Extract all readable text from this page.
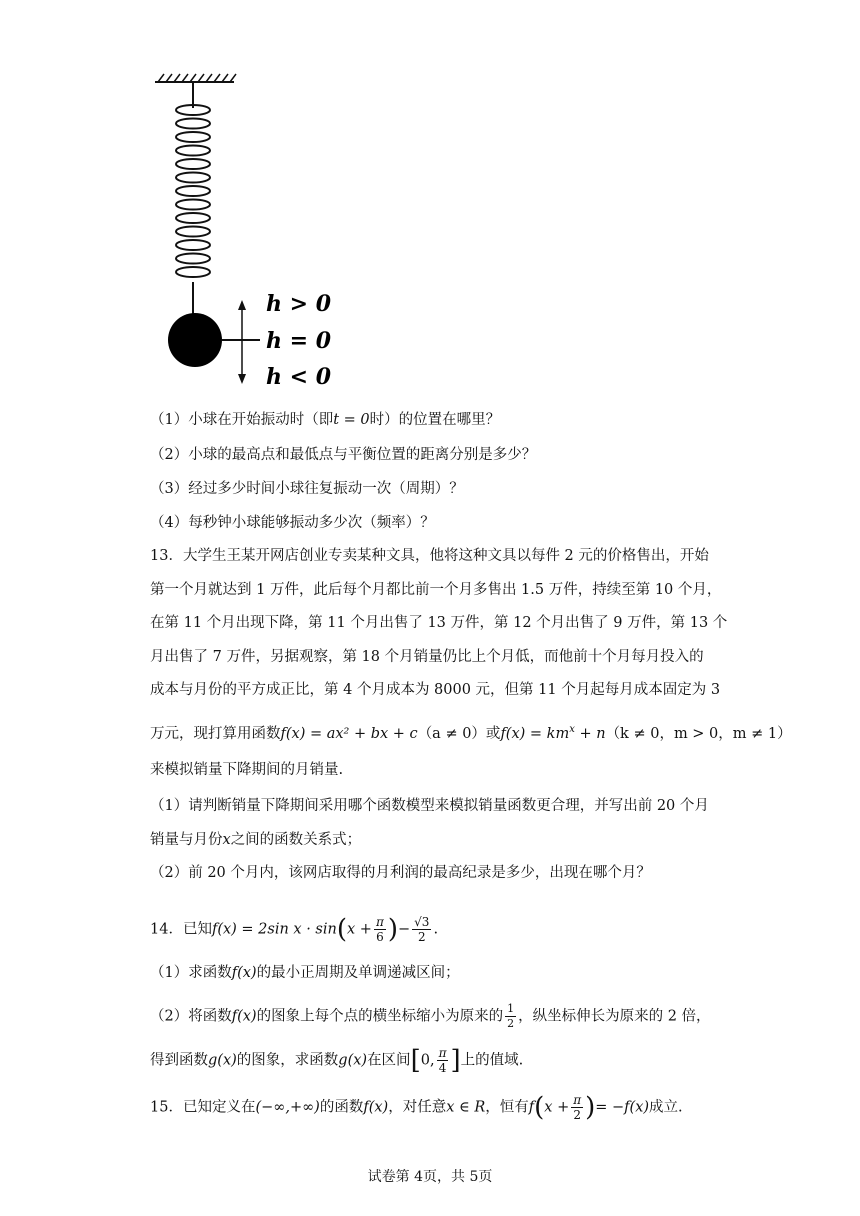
h > 0
h = 0
h < 0
（1）小球在开始振动时（即t = 0时）的位置在哪里？
（2）小球的最高点和最低点与平衡位置的距离分别是多少？
（3）经过多少时间小球往复振动一次（周期）？
（4）每秒钟小球能够振动多少次（频率）？
13．大学生王某开网店创业专卖某种文具，他将这种文具以每件 2 元的价格售出，开始
第一个月就达到 1 万件，此后每个月都比前一个月多售出 1.5 万件，持续至第 10 个月，
在第 11 个月出现下降，第 11 个月出售了 13 万件，第 12 个月出售了 9 万件，第 13 个
月出售了 7 万件，另据观察，第 18 个月销量仍比上个月低，而他前十个月每月投入的
成本与月份的平方成正比，第 4 个月成本为 8000 元，但第 11 个月起每月成本固定为 3
万元，现打算用函数f(x) = ax² + bx + c（a ≠ 0）或$f(x) = km^x + n(k \ne 0$，m > 0，m ≠ 1）
来模拟销量下降期间的月销量.
（1）请判断销量下降期间采用哪个函数模型来模拟销量函数更合理，并写出前 20 个月
销量与月份x之间的函数关系式；
（2）前 20 个月内，该网店取得的月利润的最高纪录是多少，出现在哪个月？
14．已知f(x) = 2sin $x \cdot \sin(x + \frac{\pi}{6}$ )− $\frac{√3}{2}$ .
（1）求函数f(x)的最小正周期及单调递减区间；
（2）将函数f(x)的图象上每个点的横坐标缩小为原来的 $\frac{1}{2}$ ，纵坐标伸长为原来的 2 倍，
得到函数g(x)的图象，求函数g(x)在区间[0, $\frac{\pi}{4}$ ]上的值域.
15．已知定义在(−∞,+∞)的函数f(x)，对任意x ∈ R，恒有$f(x + \frac{\pi}{2}$ )= −f(x)成立.
试卷第 4页，共 5页
